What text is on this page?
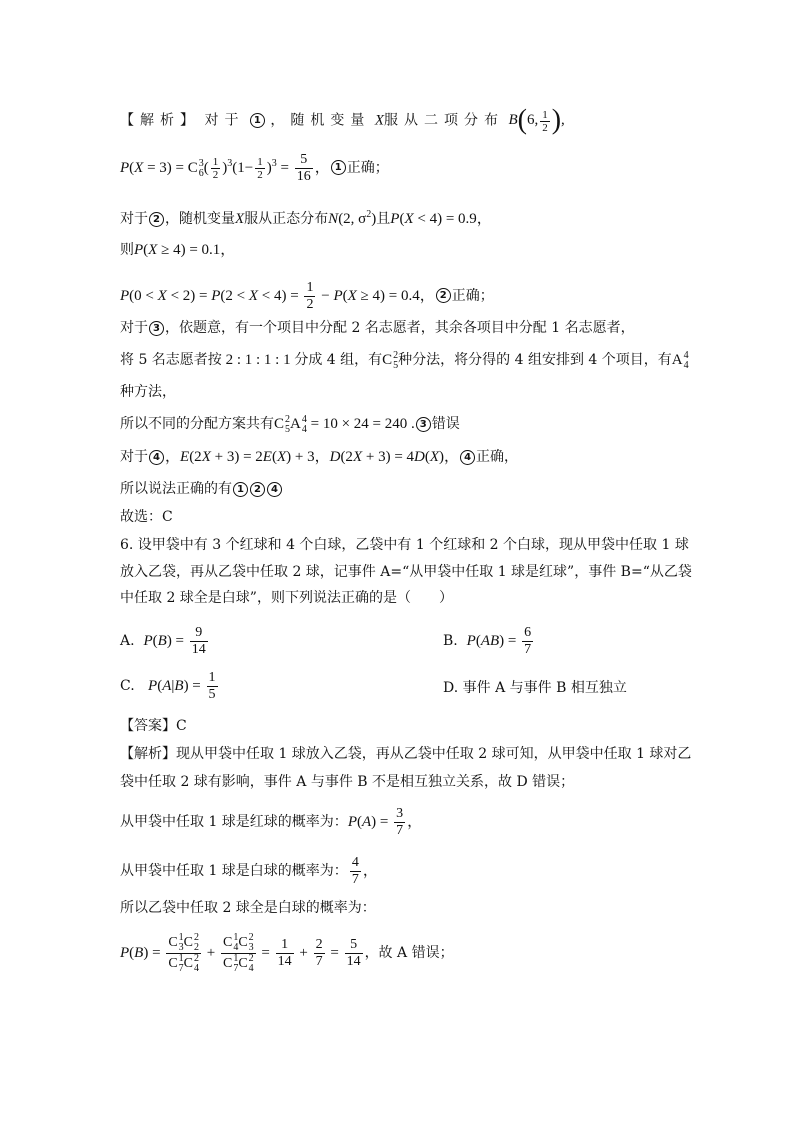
【解析】 对于 1 ，随机变量 X服从二项分布 B(6, $\frac{1}{2}$ ),
P(X = 3) = C 3
6 ( $\frac{1}{2} )^3(1- \frac{1}{2} )^3 = \frac{5}{16}$ ， 1 正确；
对于 2 ，随机变量X服从正态分布N(2, $\sigma^2$)且P(X < 4) = 0.9，
则P(X ≥ 4) = 0.1，
$P(0 < X < 2) = P(2 < X < 4) = \frac{1}{2} - P(X \ge 4) = 0.4$， 2 正确；
对于 3 ，依题意，有一个项目中分配 2 名志愿者，其余各项目中分配 1 名志愿者，
将 5 名志愿者按 2 : 1 : 1 : 1 分成 4 组，有C 2
5 种分法，将分得的 4 组安排到 4 个项目，有A 4
4
种方法，
所以不同的分配方案共有C 2
5 A 4
4 = 10 × 24 = 240 . 3 错误
对于 4 ，E(2X + 3) = 2E(X) + 3，D(2X + 3) = 4D(X)， 4 正确，
所以说法正确的有 1 2 4
故选：C
6. 设甲袋中有 3 个红球和 4 个白球，乙袋中有 1 个红球和 2 个白球，现从甲袋中任取 1 球
放入乙袋，再从乙袋中任取 2 球，记事件 A=“从甲袋中任取 1 球是红球”，事件 B=“从乙袋
中任取 2 球全是白球”，则下列说法正确的是（　　）
A. $P(B) = \frac{9}{14}$	B. $P(AB) = \frac{6}{7}$
C. $P(A|B) = \frac{1}{5}$	D. 事件 A 与事件 B 相互独立
【答案】C
【解析】现从甲袋中任取 1 球放入乙袋，再从乙袋中任取 2 球可知，从甲袋中任取 1 球对乙
袋中任取 2 球有影响，事件 A 与事件 B 不是相互独立关系，故 D 错误；
从甲袋中任取 1 球是红球的概率为：$P(A) = \frac{3}{7}$ ，
从甲袋中任取 1 球是白球的概率为： $\frac{4}{7}$ ，
所以乙袋中任取 2 球全是白球的概率为：
P(B) = C 1
3 C 2
2
C 1
7 C 2
4 + C 1
4 C 2
3
C 1
7 C 2
$4 = \frac{1}{14} + \frac{2}{7} = \frac{5}{14}$ ，故 A 错误；
